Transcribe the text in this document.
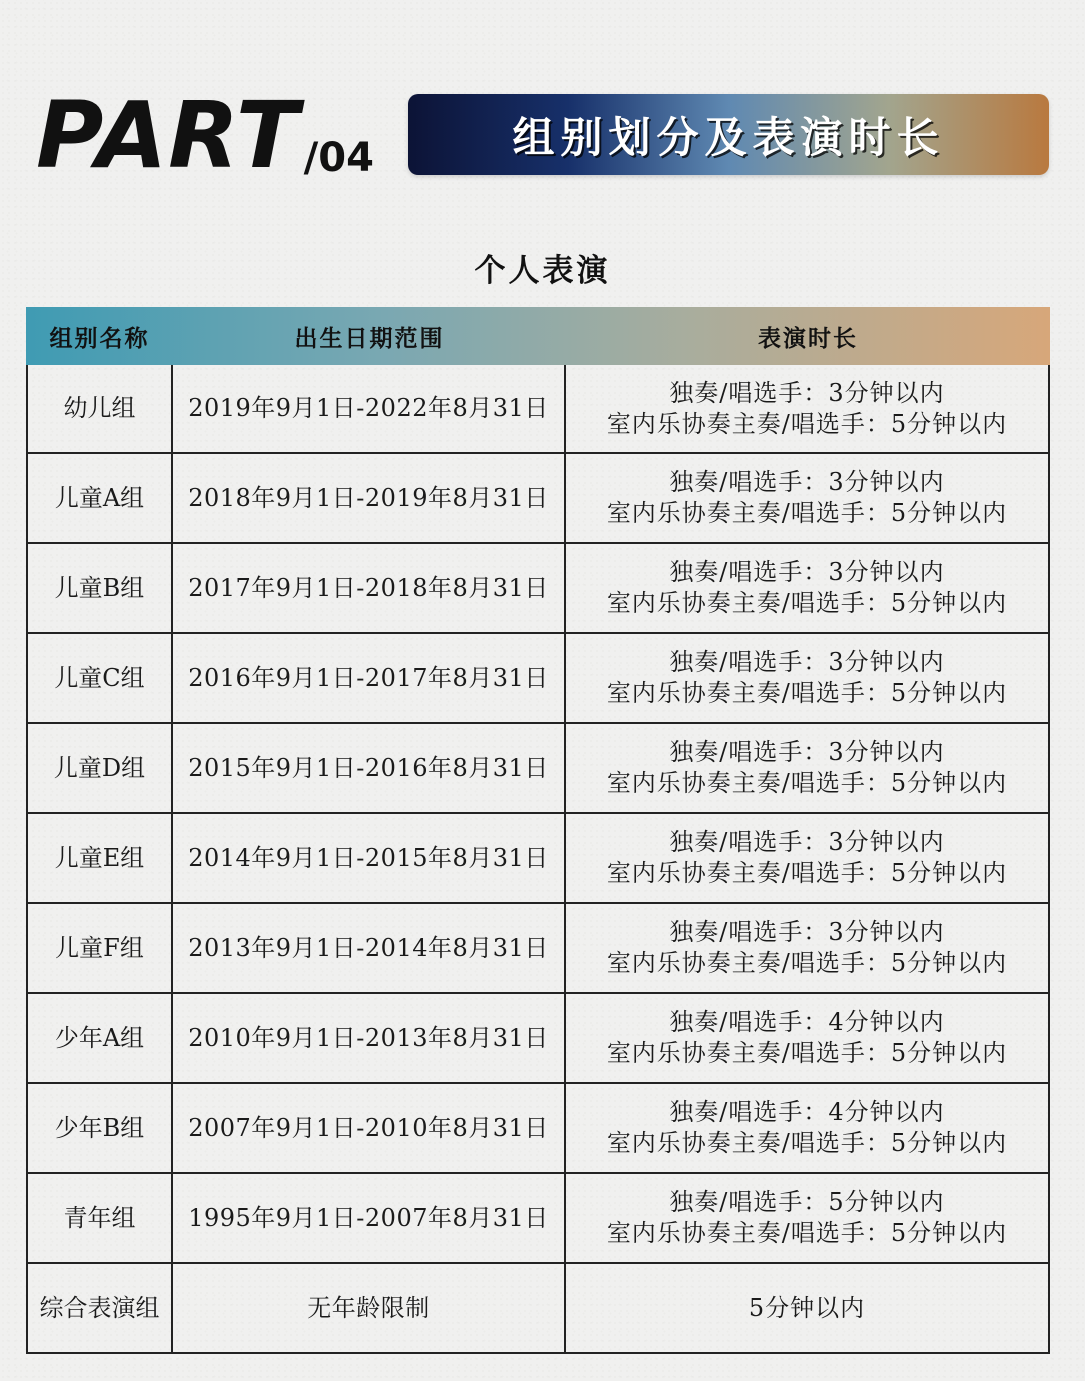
PART /04	组别划分及表演时长
个人表演
组别名称	出生日期范围	表演时长
幼儿组	2019年9月1日-2022年8月31日
独奏/唱选手：3分钟以内
室内乐协奏主奏/唱选手：5分钟以内
儿童A组	2018年9月1日-2019年8月31日
独奏/唱选手：3分钟以内
室内乐协奏主奏/唱选手：5分钟以内
儿童B组	2017年9月1日-2018年8月31日
独奏/唱选手：3分钟以内
室内乐协奏主奏/唱选手：5分钟以内
儿童C组	2016年9月1日-2017年8月31日
独奏/唱选手：3分钟以内
室内乐协奏主奏/唱选手：5分钟以内
儿童D组	2015年9月1日-2016年8月31日
独奏/唱选手：3分钟以内
室内乐协奏主奏/唱选手：5分钟以内
儿童E组	2014年9月1日-2015年8月31日
独奏/唱选手：3分钟以内
室内乐协奏主奏/唱选手：5分钟以内
儿童F组	2013年9月1日-2014年8月31日
独奏/唱选手：3分钟以内
室内乐协奏主奏/唱选手：5分钟以内
少年A组	2010年9月1日-2013年8月31日
独奏/唱选手：4分钟以内
室内乐协奏主奏/唱选手：5分钟以内
少年B组	2007年9月1日-2010年8月31日
独奏/唱选手：4分钟以内
室内乐协奏主奏/唱选手：5分钟以内
青年组	1995年9月1日-2007年8月31日
独奏/唱选手：5分钟以内
室内乐协奏主奏/唱选手：5分钟以内
综合表演组	无年龄限制	5分钟以内
